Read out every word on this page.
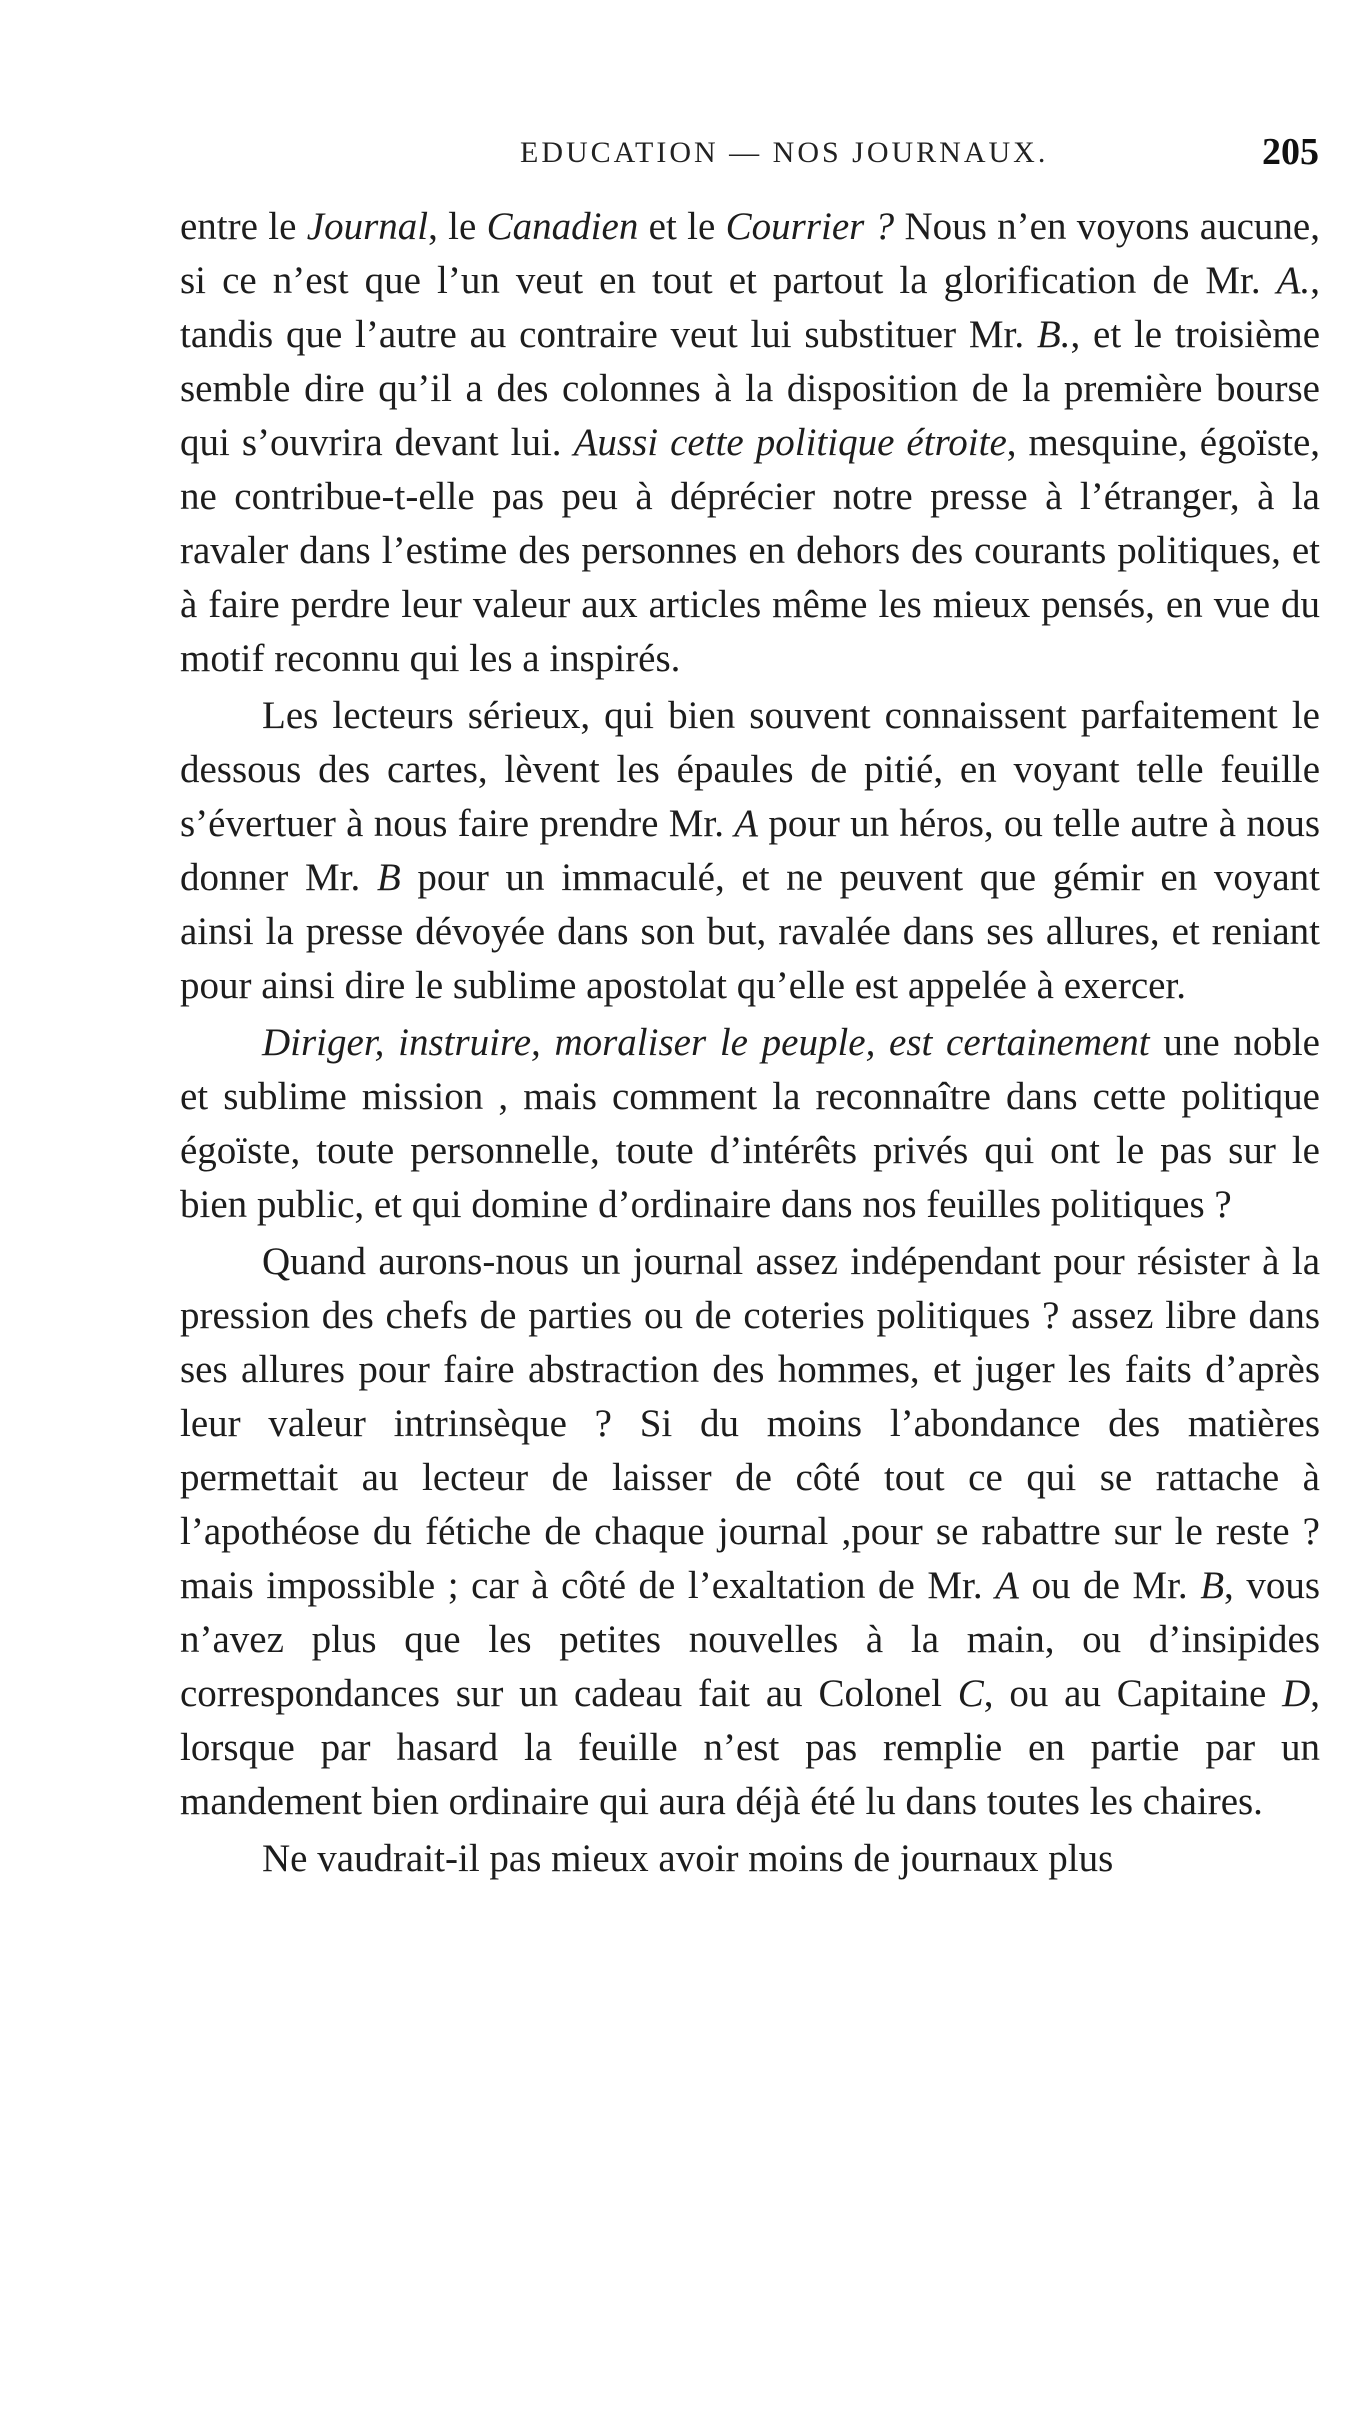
EDUCATION — NOS JOURNAUX.	205

entre le Journal, le Canadien et le Courrier ? Nous n’en voyons aucune, si ce n’est que l’un veut en tout et partout la glorification de Mr. A., tandis que l’autre au contraire veut lui substituer Mr. B., et le troisième semble dire qu’il a des colonnes à la disposition de la première bourse qui s’ouvrira devant lui. Aussi cette politique étroite, mesquine, égoïste, ne contribue-t-elle pas peu à déprécier notre presse à l’étranger, à la ravaler dans l’estime des personnes en dehors des courants politiques, et à faire perdre leur valeur aux articles même les mieux pensés, en vue du motif reconnu qui les a inspirés.

Les lecteurs sérieux, qui bien souvent connaissent parfaitement le dessous des cartes, lèvent les épaules de pitié, en voyant telle feuille s’évertuer à nous faire prendre Mr. A pour un héros, ou telle autre à nous donner Mr. B pour un immaculé, et ne peuvent que gémir en voyant ainsi la presse dévoyée dans son but, ravalée dans ses allures, et reniant pour ainsi dire le sublime apostolat qu’elle est appelée à exercer.

Diriger, instruire, moraliser le peuple, est certainement une noble et sublime mission , mais comment la reconnaître dans cette politique égoïste, toute personnelle, toute d’intérêts privés qui ont le pas sur le bien public, et qui domine d’ordinaire dans nos feuilles politiques ?

Quand aurons-nous un journal assez indépendant pour résister à la pression des chefs de parties ou de coteries politiques ? assez libre dans ses allures pour faire abstraction des hommes, et juger les faits d’après leur valeur intrinsèque ? Si du moins l’abondance des matières permettait au lecteur de laisser de côté tout ce qui se rattache à l’apothéose du fétiche de chaque journal ,pour se rabattre sur le reste ? mais impossible ; car à côté de l’exaltation de Mr. A ou de Mr. B, vous n’avez plus que les petites nouvelles à la main, ou d’insipides correspondances sur un cadeau fait au Colonel C, ou au Capitaine D, lorsque par hasard la feuille n’est pas remplie en partie par un mandement bien ordinaire qui aura déjà été lu dans toutes les chaires.

Ne vaudrait-il pas mieux avoir moins de journaux plus
